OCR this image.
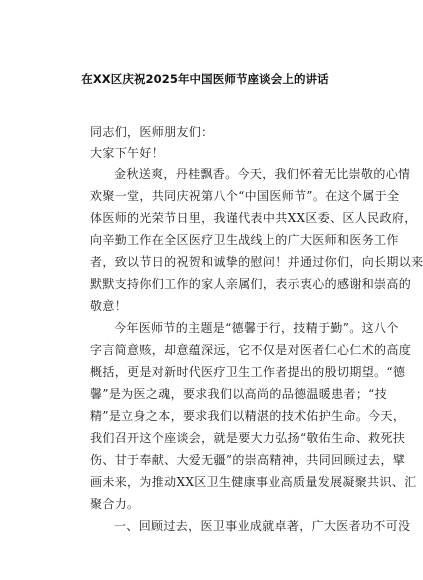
在XX区庆祝2025年中国医师节座谈会上的讲话
同志们，医师朋友们：
大家下午好！
金秋送爽，丹桂飘香。今天，我们怀着无比崇敬的心情
欢聚一堂，共同庆祝第八个“中国医师节”。在这个属于全
体医师的光荣节日里，我谨代表中共XX区委、区人民政府，
向辛勤工作在全区医疗卫生战线上的广大医师和医务工作
者，致以节日的祝贺和诚挚的慰问！并通过你们，向长期以来
默默支持你们工作的家人亲属们，表示衷心的感谢和崇高的
敬意！
今年医师节的主题是“德馨于行，技精于勤”。这八个
字言简意赅，却意蕴深远，它不仅是对医者仁心仁术的高度
概括，更是对新时代医疗卫生工作者提出的殷切期望。“德
馨”是为医之魂，要求我们以高尚的品德温暖患者；“技
精”是立身之本，要求我们以精湛的技术佑护生命。今天，
我们召开这个座谈会，就是要大力弘扬“敬佑生命、救死扶
伤、甘于奉献、大爱无疆”的崇高精神，共同回顾过去，擘
画未来，为推动XX区卫生健康事业高质量发展凝聚共识、汇
聚合力。
一、回顾过去，医卫事业成就卓著，广大医者功不可没
